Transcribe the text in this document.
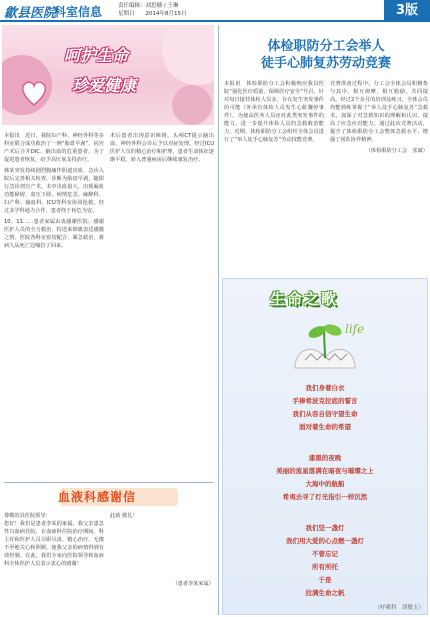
歙县医院
科室信息	责任编辑：刘思穗 / 王琳
星期日　　2014年8月15日	3版
呵护生命
珍爱健康

本报讯　近日，我院妇产科、神经外科等多科室联合成功救治了一例“胎盘早剥”，因宫产术后合并DIC、脑出血的危重患者，为了促进患者恢复，给予高压氧支持治疗。

韩某突发持续剧烈腹痛伴阴道出血，急诊入院后完善相关检查，诊断为胎盘早剥，随即行急诊剖宫产术。术中出血量大，出现凝血功能障碍，血压下降，病情危急。麻醉科、妇产科、输血科、ICU等科室协同抢救，经过多学科通力合作，患者终于转危为安。

10、11……患者家属由衷感谢医院、感谢医护人员的全力救治，特送来锦旗表达感激之情。医院各科室密切配合、紧急救治，将病人从死亡边缘拉了回来。

术后患者出现意识障碍，头颅CT提示脑出血，神经外科会诊后予以对症处理。经过ICU医护人员的精心治疗和护理，患者生命体征逐渐平稳，转入普通病房后继续康复治疗。

体检职防分工会举人
徒手心肺复苏劳动竞赛

本报讯　体检职防分工会积极响应我县医院“强化医疗质量、保障医疗安全”号召，针对每日接待体检人员多，存在发生突发事件的可能（外单位体检人员发生心脏骤停事件），为使高医务人员应对此类突发事件的能力，进一步提升体检人员的急救救治能力，近期，体检职防分工会组织全体会员进行了“举人徒手心肺复苏”劳动技能竞赛。

竞赛准备过程中，分工会全体会员积极参与其中，相互观摩、相互勉励，共同提高。经过2个多月的培训及练习，全体会员均能熟练掌握了“举人徒手心肺复苏”急救术，加深了对急救知识的理解和认识，提高了应急应对能力。通过此次竞赛活动，提升了体检职防分工会整体急救水平，增强了团队协作精神。

（体检职防分工会　张斌）

血液科感谢信

尊敬的县医院领导：

您好！我们是患者李某的家属。我父亲患急性白血病住院，在血液科住院治疗期间，科主任和医护人员尽职尽责、精心治疗，无微不至地关心和照顾，使我父亲的病情得到有效控制。在此，我们全家向医院领导和血液科全体医护人员表示衷心的感谢！

此致 敬礼！

（患者李某家属）

生命之歌
life
我们身着白衣
手捧希波克拉底的誓言
我们从容自信守望生命
面对着生命的希望
漆黑的夜晚
美丽的流星落满在暗夜与璀璨之上
大海中的航船
希夷去寻了灯光指引一样沉然
我们坚一盏灯
我们用大爱的心点燃一盏灯
不曾忘记
所有所托
于是
拉满生命之帆
（呼吸科　胡敏玉）
